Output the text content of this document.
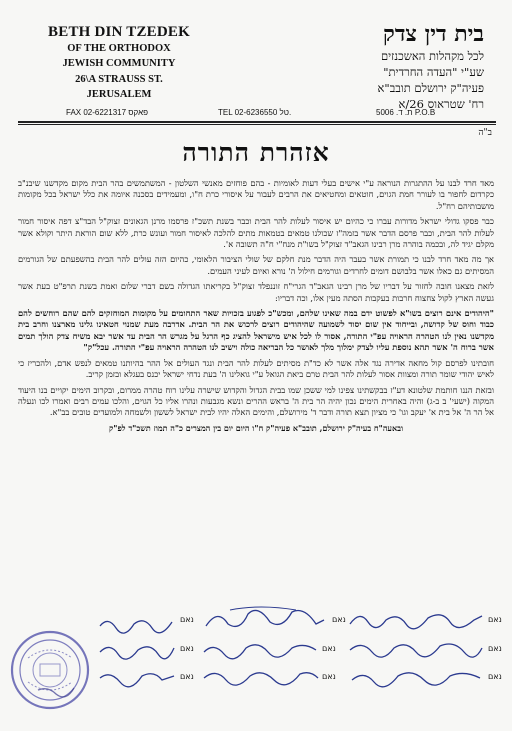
BETH DIN TZEDEK
OF THE ORTHODOX
JEWISH COMMUNITY
26\A STRAUSS ST.
JERUSALEM
בית דין צדק
לכל מקהלות האשכנזים
שע"י "העדה החרדית"
פעיה"ק ירושלם תובב"א
רח' שטראוס 26/א
FAX 02-6221317 פאקס	TEL 02-6236550 טל.	ת. ד. 5006 P.O.B
ב"ה
אזהרת התורה

מאד חרד לבנו על ההתגרות הנוראה ע"י אישים בעלי דעות לאומיות - בהם פוחזים מאנשי השלטון - המשתמשים בהר הבית מקום מקדשנו שיבנ"ב כקרדום לחפור בו לעורר חמת הגוים, חוטאים ומחטיאים את הרבים לעבור על איסורי כרת ח"ו, ומעמידים בסכנה איומה את כלל ישראל בכל מקומות מושבותיהם רח"ל.

כבר פסקו גדולי ישראל מדורות עברו כי כהיום יש איסור לעלות להר הבית וכבר בשנת תשכ"ז פרסמו מרנן הגאונים זצוק"ל הבד"צ דפה איסור חמור לעלות להר הבית, וכבר פרסם הדבר אשר בזמה"ז שכולנו טמאים בטמאות מתים להלכה לאיסור חמור ועונש כרת, ללא שום הוראת היתר וקולא אשר מקלם יגיד לה, ובכמה בוהרה מרן רבינו הגאב"ד זצוק"ל בשו"ת מנח"י ח"ה תשובה א'.

אך מה מאד חרד לבנו כי תמורת אשר בעבר היה הדבר מנת חלקם של שולי הציבור הלאומי, כהיום הזה עולים להר הבית בהשפעתם של הגורמים המסיתים גם כאלו אשר בלבושם דומים לחרדים וגורמים חילול ה' נורא ואיום לעיני העמים.

לזאת מצאנו חובה לחזור על דבריו של מרן רבינו הגאב"ד הגרי"ח זוננפלד זצוק"ל בקריאתו הגדולה בשם דברי שלום ואמת בשנת תרפ"ט בעת אשר געשה הארץ לקול צחצוח חרבות בעקבות הסתה מעין אלו, וכה דבריו:

"היהודים אינם רוצים בשו"א לפשוט ידם במה שאינו שלהם, ומכש"כ לפגוע בזכויות שאר התחומים על מקומות המוחזקים להם שהם רוחשים להם כבוד וחוס של קדושה, ובייחוד אין שום יסוד לשמועה שהיהודים רוצים לרכוש את הר הבית. אדרבה מעת שמנוי חטאינו גלינו מארצנו וחרב בית מקדשנו נאין לנו הטהרה הראויה עפ"י התורה, אסור לו לכל איש מישראל להציג כף הרגל על מגרש הר הבית עד אשר יבא משיח צדק הולך תמים אשר ברוח ה' אשר תהא נוספת עליו לצדק ימלוך מלך לאושר כל הבריאה כולה וישיב לנו הטהרה הראויה עפ"י התורה. עכל"ק"

חובתינו לפרסם קול מחאה אדירה נגד אלה אשר לא כד"ת מסיתים לעלות להר הבית ונגד העולים אל ההר בהיותנו טמאים לנפש אדם, ולהכריז כי לאיש יהודי שומר תורה ומצוות אסור לעלות להר הבית טרם ביאת הגואל ע"י גואלינו ה' בעת נדחי ישראל יכנס בעגלא ובזמן קריב.

ובזאת הננו חותמת שלטונא דע"ז בבקשתינו צפינו למי ששכן שמו בבית הגדול והקדוש שישרה עלינו רוח טהרה ממרום, ובקרוב הימים יקויים בנו היעוד המקוה (ישעי' ב ב-ג) והיה באחרית הימים נכון יהיה הר בית ה' בראש ההרים ונשא מגבעות ונהרו אליו כל הגוים, והלכו עמים רבים ואמרו לכו ונעלה אל הר ה' אל בית א' יעקב וגו' כי מציון תצא תורה ודבר ד' מירושלם, והימים האלה יהיו לבית ישראל לששון ולשמחה ולמועדים טובים בב"א.

ובאעה"ח בעיה"ק ירושלם, תובב"א פעיה"ק ח"ו היום יום בין המצרים כ"ה תמוז תשכ"ד לפ"ק
נאם
נאם
נאם
נאם
נאם
נאם
נאם
נאם
נאם
